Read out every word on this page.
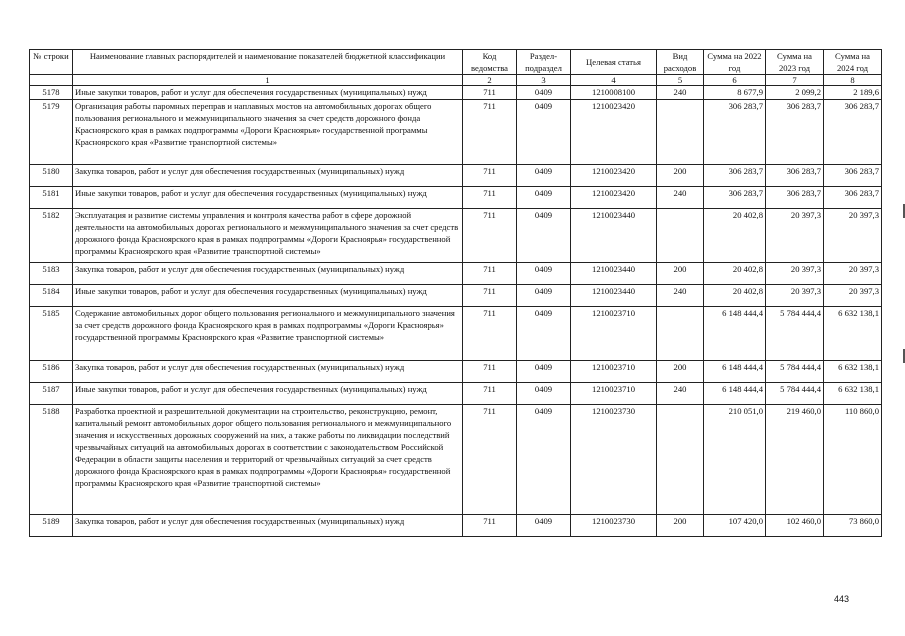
№ строки	Наименование главных распорядителей и наименование показателей бюджетной классификации	Код ведомства	Раздел-подраздел	Целевая статья	Вид расходов	Сумма на 2022 год	Сумма на 2023 год	Сумма на 2024 год
	1	2	3	4	5	6	7	8
5178	Иные закупки товаров, работ и услуг для обеспечения государственных (муниципальных) нужд	711	0409	1210008100	240	8 677,9	2 099,2	2 189,6
5179	Организация работы паромных переправ и наплавных мостов на автомобильных дорогах общего пользования регионального и межмуниципального значения за счет средств дорожного фонда Красноярского края в рамках подпрограммы «Дороги Красноярья» государственной программы Красноярского края «Развитие транспортной системы»	711	0409	1210023420		306 283,7	306 283,7	306 283,7
5180	Закупка товаров, работ и услуг для обеспечения государственных (муниципальных) нужд	711	0409	1210023420	200	306 283,7	306 283,7	306 283,7
5181	Иные закупки товаров, работ и услуг для обеспечения государственных (муниципальных) нужд	711	0409	1210023420	240	306 283,7	306 283,7	306 283,7
5182	Эксплуатация и развитие системы управления и контроля качества работ в сфере дорожной деятельности на автомобильных дорогах регионального и межмуниципального значения за счет средств дорожного фонда Красноярского края в рамках подпрограммы «Дороги Красноярья» государственной программы Красноярского края «Развитие транспортной системы»	711	0409	1210023440		20 402,8	20 397,3	20 397,3
5183	Закупка товаров, работ и услуг для обеспечения государственных (муниципальных) нужд	711	0409	1210023440	200	20 402,8	20 397,3	20 397,3
5184	Иные закупки товаров, работ и услуг для обеспечения государственных (муниципальных) нужд	711	0409	1210023440	240	20 402,8	20 397,3	20 397,3
5185	Содержание автомобильных дорог общего пользования регионального и межмуниципального значения за счет средств дорожного фонда Красноярского края в рамках подпрограммы «Дороги Красноярья» государственной программы Красноярского края «Развитие транспортной системы»	711	0409	1210023710		6 148 444,4	5 784 444,4	6 632 138,1
5186	Закупка товаров, работ и услуг для обеспечения государственных (муниципальных) нужд	711	0409	1210023710	200	6 148 444,4	5 784 444,4	6 632 138,1
5187	Иные закупки товаров, работ и услуг для обеспечения государственных (муниципальных) нужд	711	0409	1210023710	240	6 148 444,4	5 784 444,4	6 632 138,1
5188	Разработка проектной и разрешительной документации на строительство, реконструкцию, ремонт, капитальный ремонт автомобильных дорог общего пользования регионального и межмуниципального значения и искусственных дорожных сооружений на них, а также работы по ликвидации последствий чрезвычайных ситуаций на автомобильных дорогах в соответствии с законодательством Российской Федерации в области защиты населения и территорий от чрезвычайных ситуаций за счет средств дорожного фонда Красноярского края в рамках подпрограммы «Дороги Красноярья» государственной программы Красноярского края «Развитие транспортной системы»	711	0409	1210023730		210 051,0	219 460,0	110 860,0
5189	Закупка товаров, работ и услуг для обеспечения государственных (муниципальных) нужд	711	0409	1210023730	200	107 420,0	102 460,0	73 860,0
443
